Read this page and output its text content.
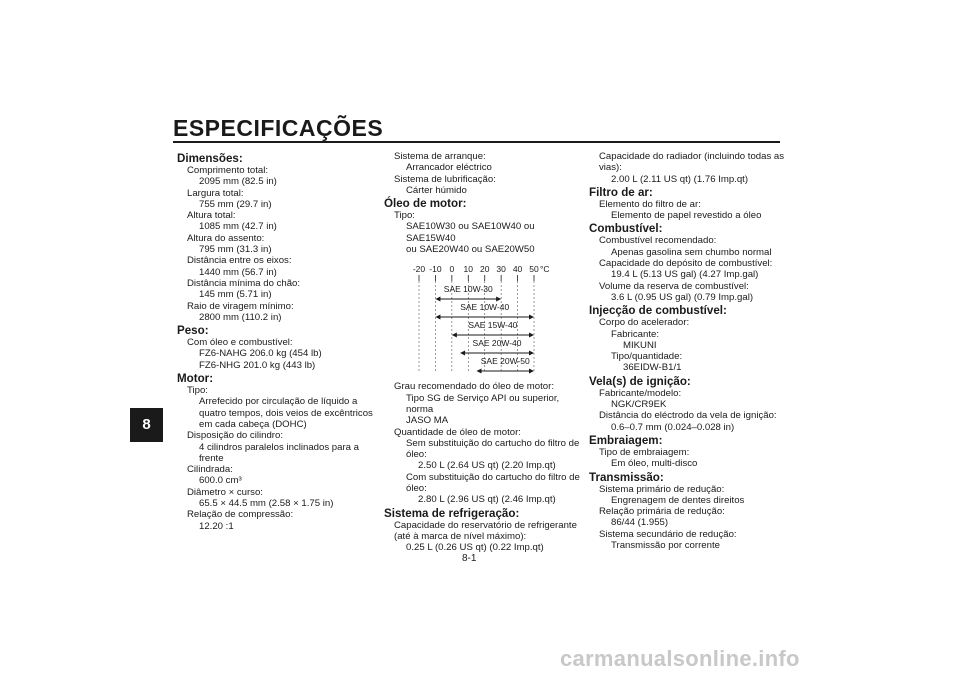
ESPECIFICAÇÕES
8
Dimensões:
Comprimento total:
2095 mm (82.5 in)
Largura total:
755 mm (29.7 in)
Altura total:
1085 mm (42.7 in)
Altura do assento:
795 mm (31.3 in)
Distância entre os eixos:
1440 mm (56.7 in)
Distância mínima do chão:
145 mm (5.71 in)
Raio de viragem mínimo:
2800 mm (110.2 in)
Peso:
Com óleo e combustível:
FZ6-NAHG 206.0 kg (454 lb)
FZ6-NHG 201.0 kg (443 lb)
Motor:
Tipo:
Arrefecido por circulação de líquido a
quatro tempos, dois veios de excêntricos
em cada cabeça (DOHC)
Disposição do cilindro:
4 cilindros paralelos inclinados para a
frente
Cilindrada:
600.0 cm³
Diâmetro × curso:
65.5 × 44.5 mm (2.58 × 1.75 in)
Relação de compressão:
12.20 :1
Sistema de arranque:
Arrancador eléctrico
Sistema de lubrificação:
Cárter húmido
Óleo de motor:
Tipo:
SAE10W30 ou SAE10W40 ou SAE15W40
ou SAE20W40 ou SAE20W50
-20 -10 0 10 20 30 40 50 °C
SAE 10W-30
SAE 10W-40
SAE 15W-40
SAE 20W-40
SAE 20W-50
Grau recomendado do óleo de motor:
Tipo SG de Serviço API ou superior, norma
JASO MA
Quantidade de óleo de motor:
Sem substituição do cartucho do filtro de
óleo:
2.50 L (2.64 US qt) (2.20 Imp.qt)
Com substituição do cartucho do filtro de
óleo:
2.80 L (2.96 US qt) (2.46 Imp.qt)
Sistema de refrigeração:
Capacidade do reservatório de refrigerante
(até à marca de nível máximo):
0.25 L (0.26 US qt) (0.22 Imp.qt)
Capacidade do radiador (incluindo todas as
vias):
2.00 L (2.11 US qt) (1.76 Imp.qt)
Filtro de ar:
Elemento do filtro de ar:
Elemento de papel revestido a óleo
Combustível:
Combustível recomendado:
Apenas gasolina sem chumbo normal
Capacidade do depósito de combustível:
19.4 L (5.13 US gal) (4.27 Imp.gal)
Volume da reserva de combustível:
3.6 L (0.95 US gal) (0.79 Imp.gal)
Injecção de combustível:
Corpo do acelerador:
Fabricante:
MIKUNI
Tipo/quantidade:
36EIDW-B1/1
Vela(s) de ignição:
Fabricante/modelo:
NGK/CR9EK
Distância do eléctrodo da vela de ignição:
0.6–0.7 mm (0.024–0.028 in)
Embraiagem:
Tipo de embraiagem:
Em óleo, multi-disco
Transmissão:
Sistema primário de redução:
Engrenagem de dentes direitos
Relação primária de redução:
86/44 (1.955)
Sistema secundário de redução:
Transmissão por corrente
8-1
carmanualsonline.info
